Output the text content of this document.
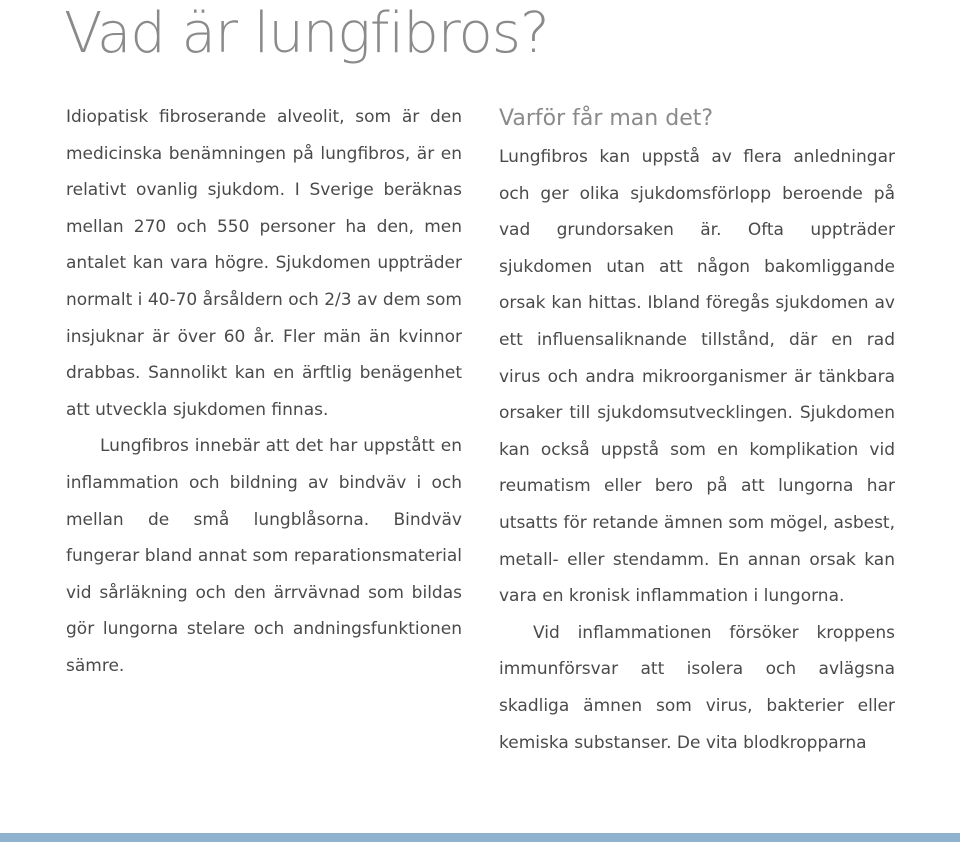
Vad är lungfibros?

Idiopatisk fibroserande alveolit, som är den medicinska benämningen på lungfibros, är en relativt ovanlig sjukdom. I Sverige beräknas mellan 270 och 550 personer ha den, men antalet kan vara högre. Sjukdomen uppträder normalt i 40-70 årsåldern och 2/3 av dem som insjuknar är över 60 år. Fler män än kvinnor drabbas. Sannolikt kan en ärftlig benägenhet att utveckla sjukdomen finnas.

Lungfibros innebär att det har uppstått en inflammation och bildning av bindväv i och mellan de små lungblåsorna. Bindväv fungerar bland annat som reparationsmaterial vid sårläkning och den ärrvävnad som bildas gör lungorna stelare och andningsfunktionen sämre.

Varför får man det?

Lungfibros kan uppstå av flera anledningar och ger olika sjukdomsförlopp beroende på vad grundorsaken är. Ofta uppträder sjukdomen utan att någon bakomliggande orsak kan hittas. Ibland föregås sjukdomen av ett influensaliknande tillstånd, där en rad virus och andra mikroorganismer är tänkbara orsaker till sjukdomsutvecklingen. Sjukdomen kan också uppstå som en komplikation vid reumatism eller bero på att lungorna har utsatts för retande ämnen som mögel, asbest, metall- eller stendamm. En annan orsak kan vara en kronisk inflammation i lungorna.

Vid inflammationen försöker kroppens immunförsvar att isolera och avlägsna skadliga ämnen som virus, bakterier eller kemiska substanser. De vita blodkropparna
